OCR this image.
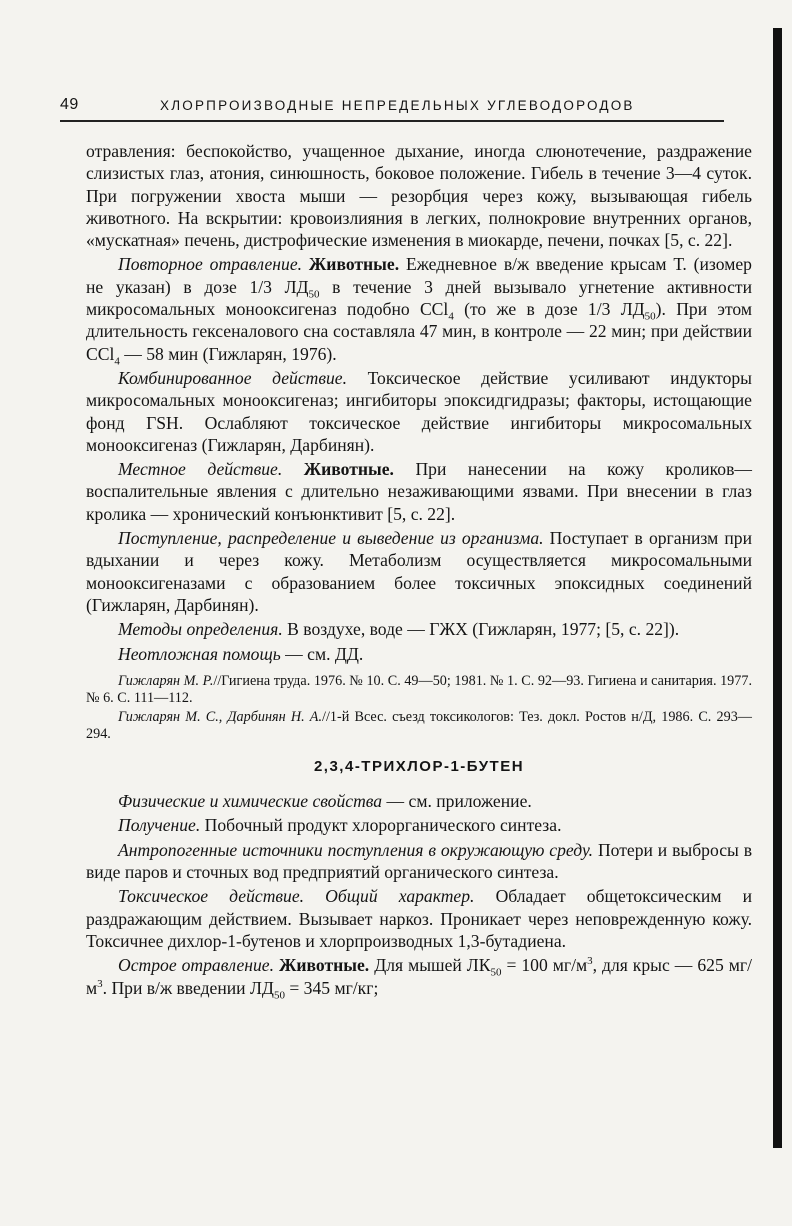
49	ХЛОРПРОИЗВОДНЫЕ НЕПРЕДЕЛЬНЫХ УГЛЕВОДОРОДОВ

отравления: беспокойство, учащенное дыхание, иногда слюнотечение, раздражение слизистых глаз, атония, синюшность, боковое положение. Гибель в течение 3—4 суток. При погружении хвоста мыши — резорбция через кожу, вызывающая гибель животного. На вскрытии: кровоизлияния в легких, полнокровие внутренних органов, «мускатная» печень, дистрофические изменения в миокарде, печени, почках [5, с. 22].

Повторное отравление. Животные. Ежедневное в/ж введение крысам Т. (изомер не указан) в дозе 1/3 $ЛД_{50}$ в течение 3 дней вызывало угнетение активности микросомальных монооксигеназ подобно CCl$_4$ (то же в дозе 1/3 $ЛД_{50}$). При этом длительность гексеналового сна составляла 47 мин, в контроле — 22 мин; при действии CCl$_4$ — 58 мин (Гижларян, 1976).

Комбинированное действие. Токсическое действие усиливают индукторы микросомальных монооксигеназ; ингибиторы эпоксидгидразы; факторы, истощающие фонд ГSH. Ослабляют токсическое действие ингибиторы микросомальных монооксигеназ (Гижларян, Дарбинян).

Местное действие. Животные. При нанесении на кожу кроликов—воспалительные явления с длительно незаживающими язвами. При внесении в глаз кролика — хронический конъюнктивит [5, с. 22].

Поступление, распределение и выведение из организма. Поступает в организм при вдыхании и через кожу. Метаболизм осуществляется микросомальными монооксигеназами с образованием более токсичных эпоксидных соединений (Гижларян, Дарбинян).

Методы определения. В воздухе, воде — ГЖХ (Гижларян, 1977; [5, с. 22]).

Неотложная помощь — см. ДД.

Гижларян М. Р.//Гигиена труда. 1976. № 10. С. 49—50; 1981. № 1. С. 92—93. Гигиена и санитария. 1977. № 6. С. 111—112.

Гижларян М. С., Дарбинян Н. А.//1-й Всес. съезд токсикологов: Тез. докл. Ростов н/Д, 1986. С. 293—294.

2,3,4-ТРИХЛОР-1-БУТЕН

Физические и химические свойства — см. приложение.

Получение. Побочный продукт хлорорганического синтеза.

Антропогенные источники поступления в окружающую среду. Потери и выбросы в виде паров и сточных вод предприятий органического синтеза.

Токсическое действие. Общий характер. Обладает общетоксическим и раздражающим действием. Вызывает наркоз. Проникает через неповрежденную кожу. Токсичнее дихлор-1-бутенов и хлорпроизводных 1,3-бутадиена.

Острое отравление. Животные. Для мышей $ЛК_{50} = 100$ $мг/м^3$, для крыс — 625 $мг/м^3$. При в/ж введении $ЛД_{50} = 345$ мг/кг;
